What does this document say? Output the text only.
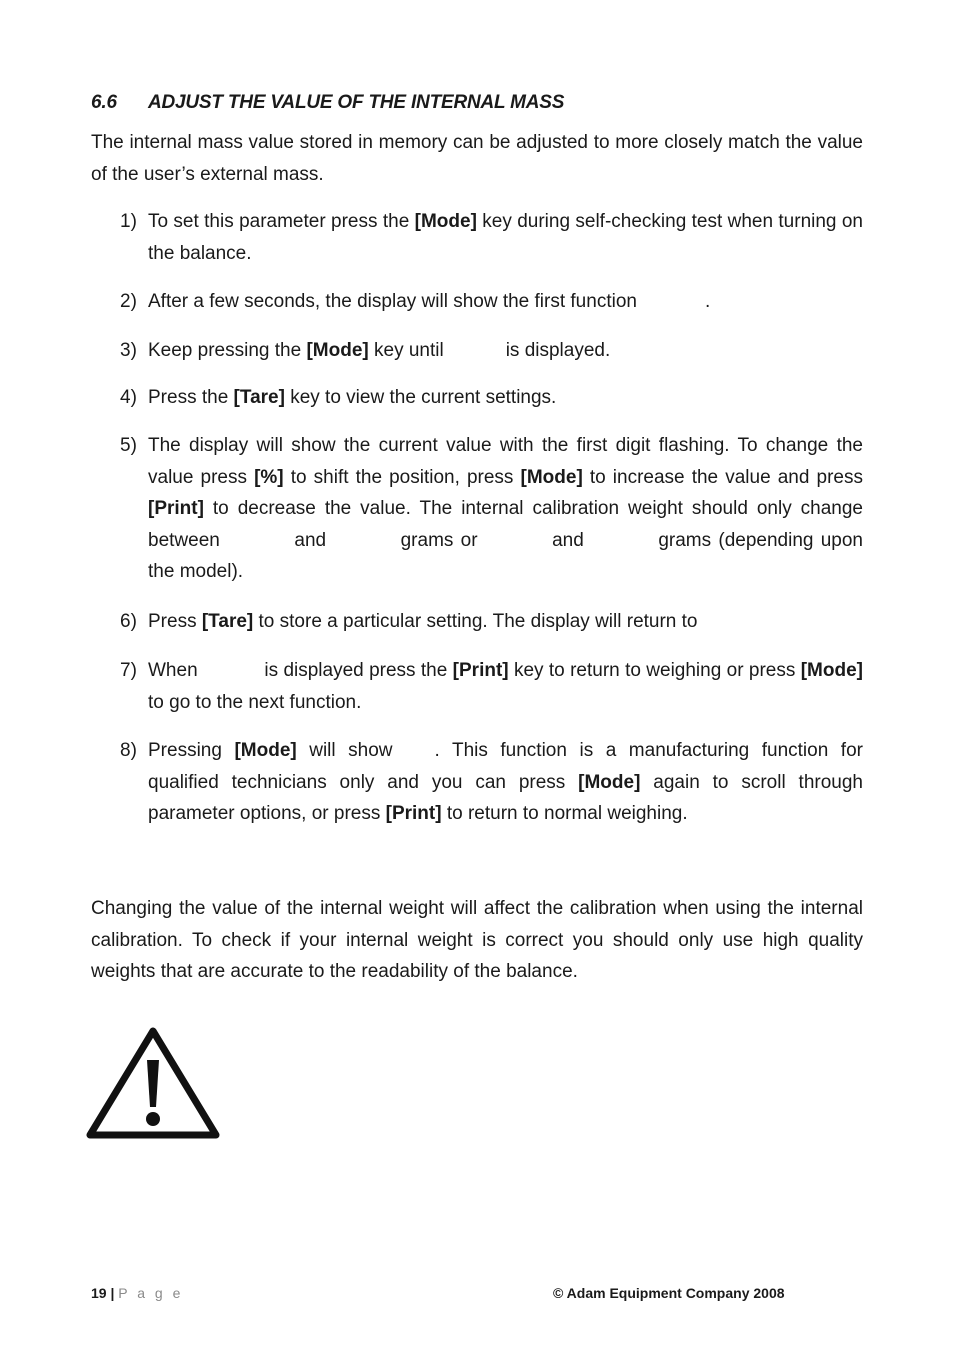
6.6 ADJUST THE VALUE OF THE INTERNAL MASS
The internal mass value stored in memory can be adjusted to more closely match the value of the user’s external mass.
1) To set this parameter press the [Mode] key during self-checking test when turning on the balance.
2) After a few seconds, the display will show the first function	.
3) Keep pressing the [Mode] key until	is displayed.
4) Press the [Tare] key to view the current settings.
5) The display will show the current value with the first digit flashing. To change the value press [%] to shift the position, press [Mode] to increase the value and press [Print] to decrease the value. The internal calibration weight should only change between	and	grams or	and	grams (depending upon the model).
6) Press [Tare] to store a particular setting. The display will return to
7) When	is displayed press the [Print] key to return to weighing or press [Mode] to go to the next function.
8) Pressing [Mode] will show . This function is a manufacturing function for qualified technicians only and you can press [Mode] again to scroll through parameter options, or press [Print] to return to normal weighing.
Changing the value of the internal weight will affect the calibration when using the internal calibration. To check if your internal weight is correct you should only use high quality weights that are accurate to the readability of the balance.
19 | P a g e	© Adam Equipment Company 2008
